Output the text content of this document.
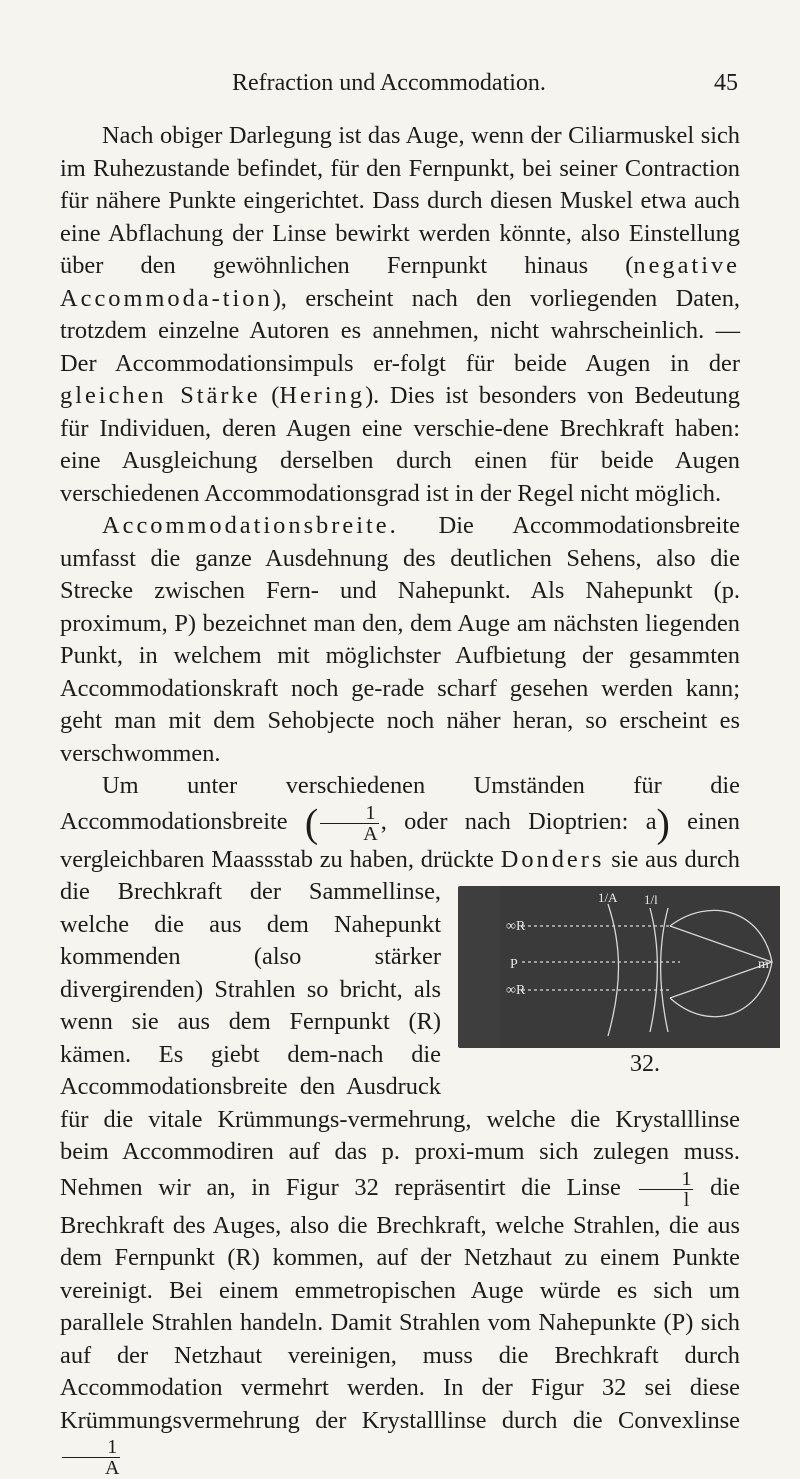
Refraction und Accommodation.	45

Nach obiger Darlegung ist das Auge, wenn der Ciliarmuskel sich im Ruhezustande befindet, für den Fernpunkt, bei seiner Contraction für nähere Punkte eingerichtet. Dass durch diesen Muskel etwa auch eine Abflachung der Linse bewirkt werden könnte, also Einstellung über den gewöhnlichen Fernpunkt hinaus (negative Accommoda-tion), erscheint nach den vorliegenden Daten, trotzdem einzelne Autoren es annehmen, nicht wahrscheinlich. — Der Accommodationsimpuls er-folgt für beide Augen in der gleichen Stärke (Hering). Dies ist besonders von Bedeutung für Individuen, deren Augen eine verschie-dene Brechkraft haben: eine Ausgleichung derselben durch einen für beide Augen verschiedenen Accommodationsgrad ist in der Regel nicht möglich.

Accommodationsbreite. Die Accommodationsbreite umfasst die ganze Ausdehnung des deutlichen Sehens, also die Strecke zwischen Fern- und Nahepunkt. Als Nahepunkt (p. proximum, P) bezeichnet man den, dem Auge am nächsten liegenden Punkt, in welchem mit möglichster Aufbietung der gesammten Accommodationskraft noch ge-rade scharf gesehen werden kann; geht man mit dem Sehobjecte noch näher heran, so erscheint es verschwommen.

Um unter verschiedenen Umständen für die Accommodationsbreite ( $\frac{1}{A}$ , oder nach Dioptrien: a) einen vergleichbaren Maassstab zu haben, drückte Donders
∞R
P
∞R
1/A 1/l
m
32.
sie aus durch die Brechkraft der Sammellinse, welche die aus dem Nahepunkt kommenden (also stärker divergirenden) Strahlen so bricht, als wenn sie aus dem Fernpunkt (R) kämen. Es giebt dem-nach die Accommodationsbreite den Ausdruck für die vitale Krümmungs-vermehrung, welche die Krystalllinse beim Accommodiren auf das p. proxi-mum sich zulegen muss. Nehmen wir an, in Figur 32 repräsentirt die Linse $\frac{1}{l}$ die Brechkraft des Auges, also die Brechkraft, welche Strahlen, die aus dem Fernpunkt (R) kommen, auf der Netzhaut zu einem Punkte vereinigt. Bei einem emmetropischen Auge würde es sich um parallele Strahlen handeln. Damit Strahlen vom Nahepunkte (P) sich auf der Netzhaut vereinigen, muss die Brechkraft durch Accommodation vermehrt werden. In der Figur 32 sei diese Krümmungsvermehrung der Krystalllinse durch die Convexlinse
$\frac{1}{A}$
